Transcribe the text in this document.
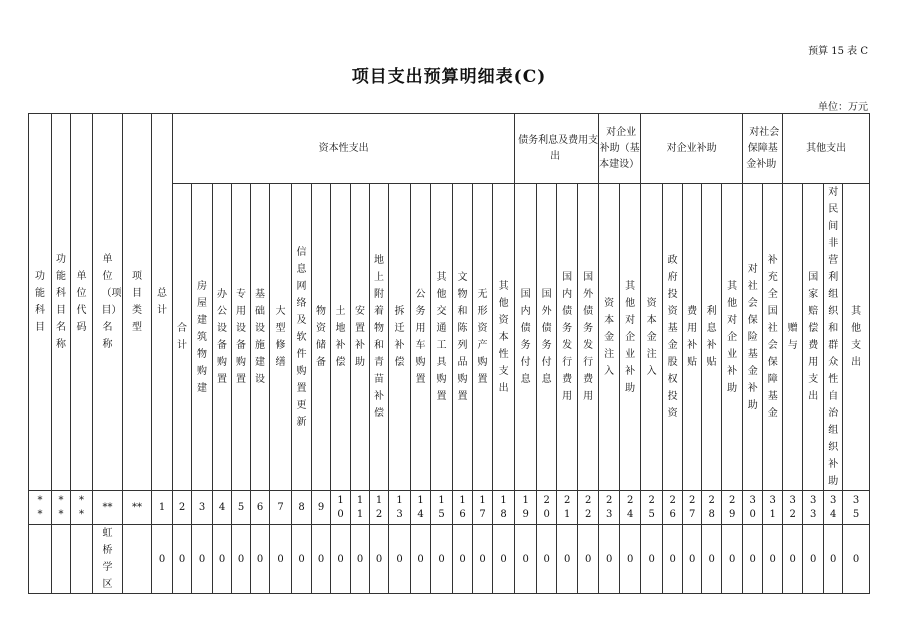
预算 15 表 C
项目支出预算明细表(C)
单位：万元
功能科目	功能科目名称	单位代码	单位（项目）名称	项目类型	总计	资本性支出																	债务利息及费用支出				对企业补助（基本建设）		对企业补助					对社会保障基金补助		其他支出			
						合计	房屋建筑物购建	办公设备购置	专用设备购置	基础设施建设	大型修缮	信息网络及软件购置更新	物资储备	土地补偿	安置补助	地上附着物和青苗补偿	拆迁补偿	公务用车购置	其他交通工具购置	文物和陈列品购置	无形资产购置	其他资本性支出	国内债务付息	国外债务付息	国内债务发行费用	国外债务发行费用	资本金注入	其他对企业补助	资本金注入	政府投资基金股权投资	费用补贴	利息补贴	其他对企业补助	对社会保险基金补助	补充全国社会保障基金	赠与	国家赔偿费用支出	对民间非营利组织和群众性自治组织补助	其他支出
**	**	**	**	**	1	2	3	4	5	6	7	8	9	10	11	12	13	14	15	16	17	18	19	20	21	22	23	24	25	26	27	28	29	30	31	32	33	34	35
			虹桥学区		0	0	0	0	0	0	0	0	0	0	0	0	0	0	0	0	0	0	0	0	0	0	0	0	0	0	0	0	0	0	0	0	0	0	0
